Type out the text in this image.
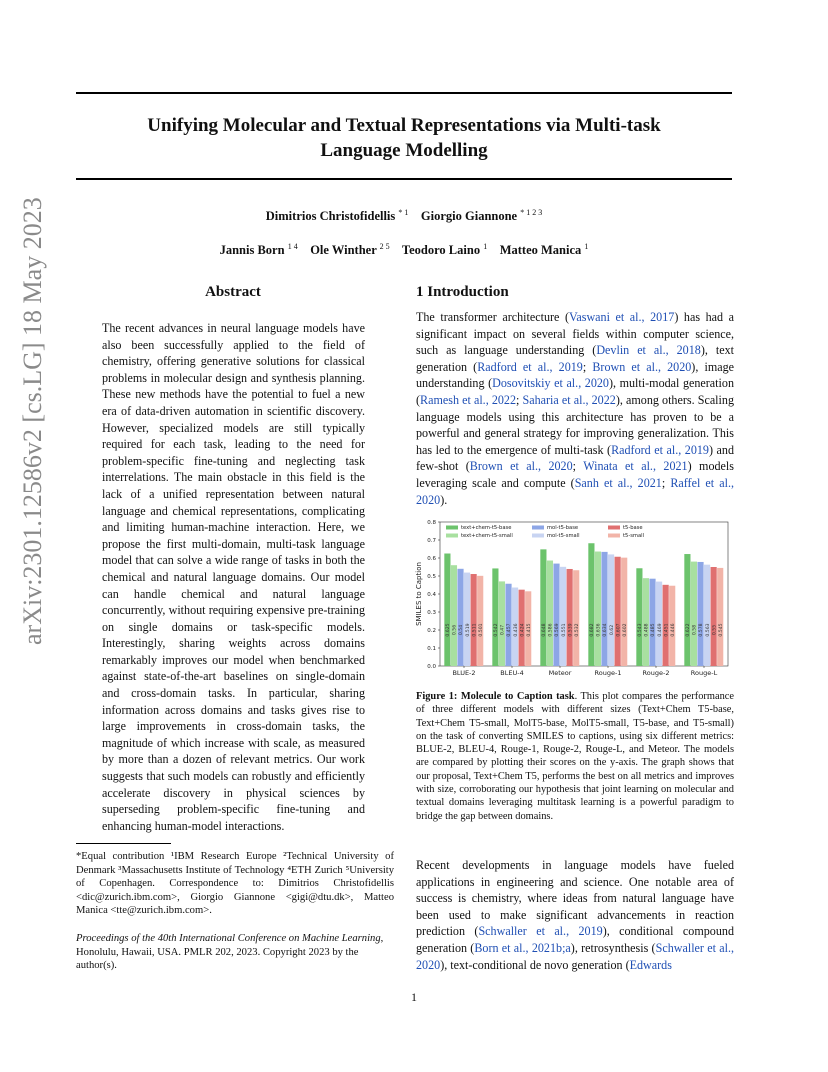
arXiv:2301.12586v2 [cs.LG] 18 May 2023
Unifying Molecular and Textual Representations via Multi-task
Language Modelling
Dimitrios Christofidellis $^{* 1}$ Giorgio Giannone $^{* 1 2 3}$
Jannis Born $^{1 4}$ Ole Winther $^{2 5}$ Teodoro Laino $^1$ Matteo Manica $^1$
Abstract
The recent advances in neural language models have also been successfully applied to the field of chemistry, offering generative solutions for classical problems in molecular design and synthesis planning. These new methods have the potential to fuel a new era of data-driven automation in scientific discovery. However, specialized models are still typically required for each task, leading to the need for problem-specific fine-tuning and neglecting task interrelations. The main obstacle in this field is the lack of a unified representation between natural language and chemical representations, complicating and limiting human-machine interaction. Here, we propose the first multi-domain, multi-task language model that can solve a wide range of tasks in both the chemical and natural language domains. Our model can handle chemical and natural language concurrently, without requiring expensive pre-training on single domains or task-specific models. Interestingly, sharing weights across domains remarkably improves our model when benchmarked against state-of-the-art baselines on single-domain and cross-domain tasks. In particular, sharing information across domains and tasks gives rise to large improvements in cross-domain tasks, the magnitude of which increase with scale, as measured by more than a dozen of relevant metrics. Our work suggests that such models can robustly and efficiently accelerate discovery in physical sciences by superseding problem-specific fine-tuning and enhancing human-model interactions.
*Equal contribution ¹IBM Research Europe ²Technical University of Denmark ³Massachusetts Institute of Technology ⁴ETH Zurich ⁵University of Copenhagen. Correspondence to: Dimitrios Christofidellis <dic@zurich.ibm.com>, Giorgio Giannone <gigi@dtu.dk>, Matteo Manica <tte@zurich.ibm.com>.
Proceedings of the 40th International Conference on Machine Learning, Honolulu, Hawaii, USA. PMLR 202, 2023. Copyright 2023 by the author(s).
1 Introduction
The transformer architecture (Vaswani et al., 2017) has had a significant impact on several fields within computer science, such as language understanding (Devlin et al., 2018), text generation (Radford et al., 2019; Brown et al., 2020), image understanding (Dosovitskiy et al., 2020), multi-modal generation (Ramesh et al., 2022; Saharia et al., 2022), among others. Scaling language models using this architecture has proven to be a powerful and general strategy for improving generalization. This has led to the emergence of multi-task (Radford et al., 2019) and few-shot (Brown et al., 2020; Winata et al., 2021) models leveraging scale and compute (Sanh et al., 2021; Raffel et al., 2020).
0.0
0.1
0.2
0.3
0.4
0.5
0.6
0.7
0.8
SMILES to Caption
0.625 0.56 0.54 0.519 0.511 0.501
BLUE-2
0.542 0.47 0.457 0.436 0.424 0.415
BLEU-4
0.648 0.586 0.569 0.551 0.539 0.532
Meteor
0.682 0.636 0.634 0.62 0.607 0.602
Rouge-1
0.543 0.488 0.485 0.469 0.451 0.446
Rouge-2
0.622 0.58 0.578 0.563 0.55 0.545
Rouge-L
text+chem-t5-base
text+chem-t5-small
mol-t5-base
mol-t5-small
t5-base
t5-small
Figure 1: Molecule to Caption task. This plot compares the performance of three different models with different sizes (Text+Chem T5-base, Text+Chem T5-small, MolT5-base, MolT5-small, T5-base, and T5-small) on the task of converting SMILES to captions, using six different metrics: BLUE-2, BLEU-4, Rouge-1, Rouge-2, Rouge-L, and Meteor. The models are compared by plotting their scores on the y-axis. The graph shows that our proposal, Text+Chem T5, performs the best on all metrics and improves with size, corroborating our hypothesis that joint learning on molecular and textual domains leveraging multitask learning is a powerful paradigm to bridge the gap between domains.
Recent developments in language models have fueled applications in engineering and science. One notable area of success is chemistry, where ideas from natural language have been used to make significant advancements in reaction prediction (Schwaller et al., 2019), conditional compound generation (Born et al., 2021b;a), retrosynthesis (Schwaller et al., 2020), text-conditional de novo generation (Edwards
1
